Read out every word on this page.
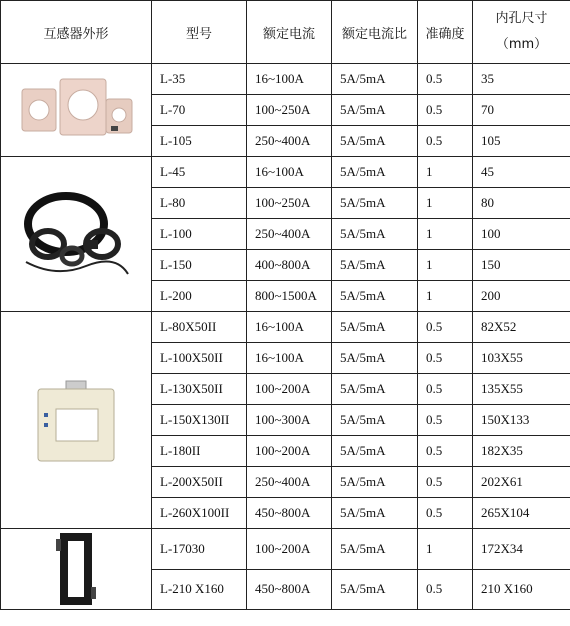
互感器外形	型号	额定电流	额定电流比	准确度	内孔尺寸
（mm）

	L-35	16~100A	5A/5mA	0.5	35
	L-70	100~250A	5A/5mA	0.5	70
	L-105	250~400A	5A/5mA	0.5	105

	L-45	16~100A	5A/5mA	1	45
	L-80	100~250A	5A/5mA	1	80
	L-100	250~400A	5A/5mA	1	100
	L-150	400~800A	5A/5mA	1	150
	L-200	800~1500A	5A/5mA	1	200

	L-80X50II	16~100A	5A/5mA	0.5	82X52
	L-100X50II	16~100A	5A/5mA	0.5	103X55
	L-130X50II	100~200A	5A/5mA	0.5	135X55
	L-150X130II	100~300A	5A/5mA	0.5	150X133
	L-180II	100~200A	5A/5mA	0.5	182X35
	L-200X50II	250~400A	5A/5mA	0.5	202X61
	L-260X100II	450~800A	5A/5mA	0.5	265X104

	L-17030	100~200A	5A/5mA	1	172X34
	L-210 X160	450~800A	5A/5mA	0.5	210 X160
